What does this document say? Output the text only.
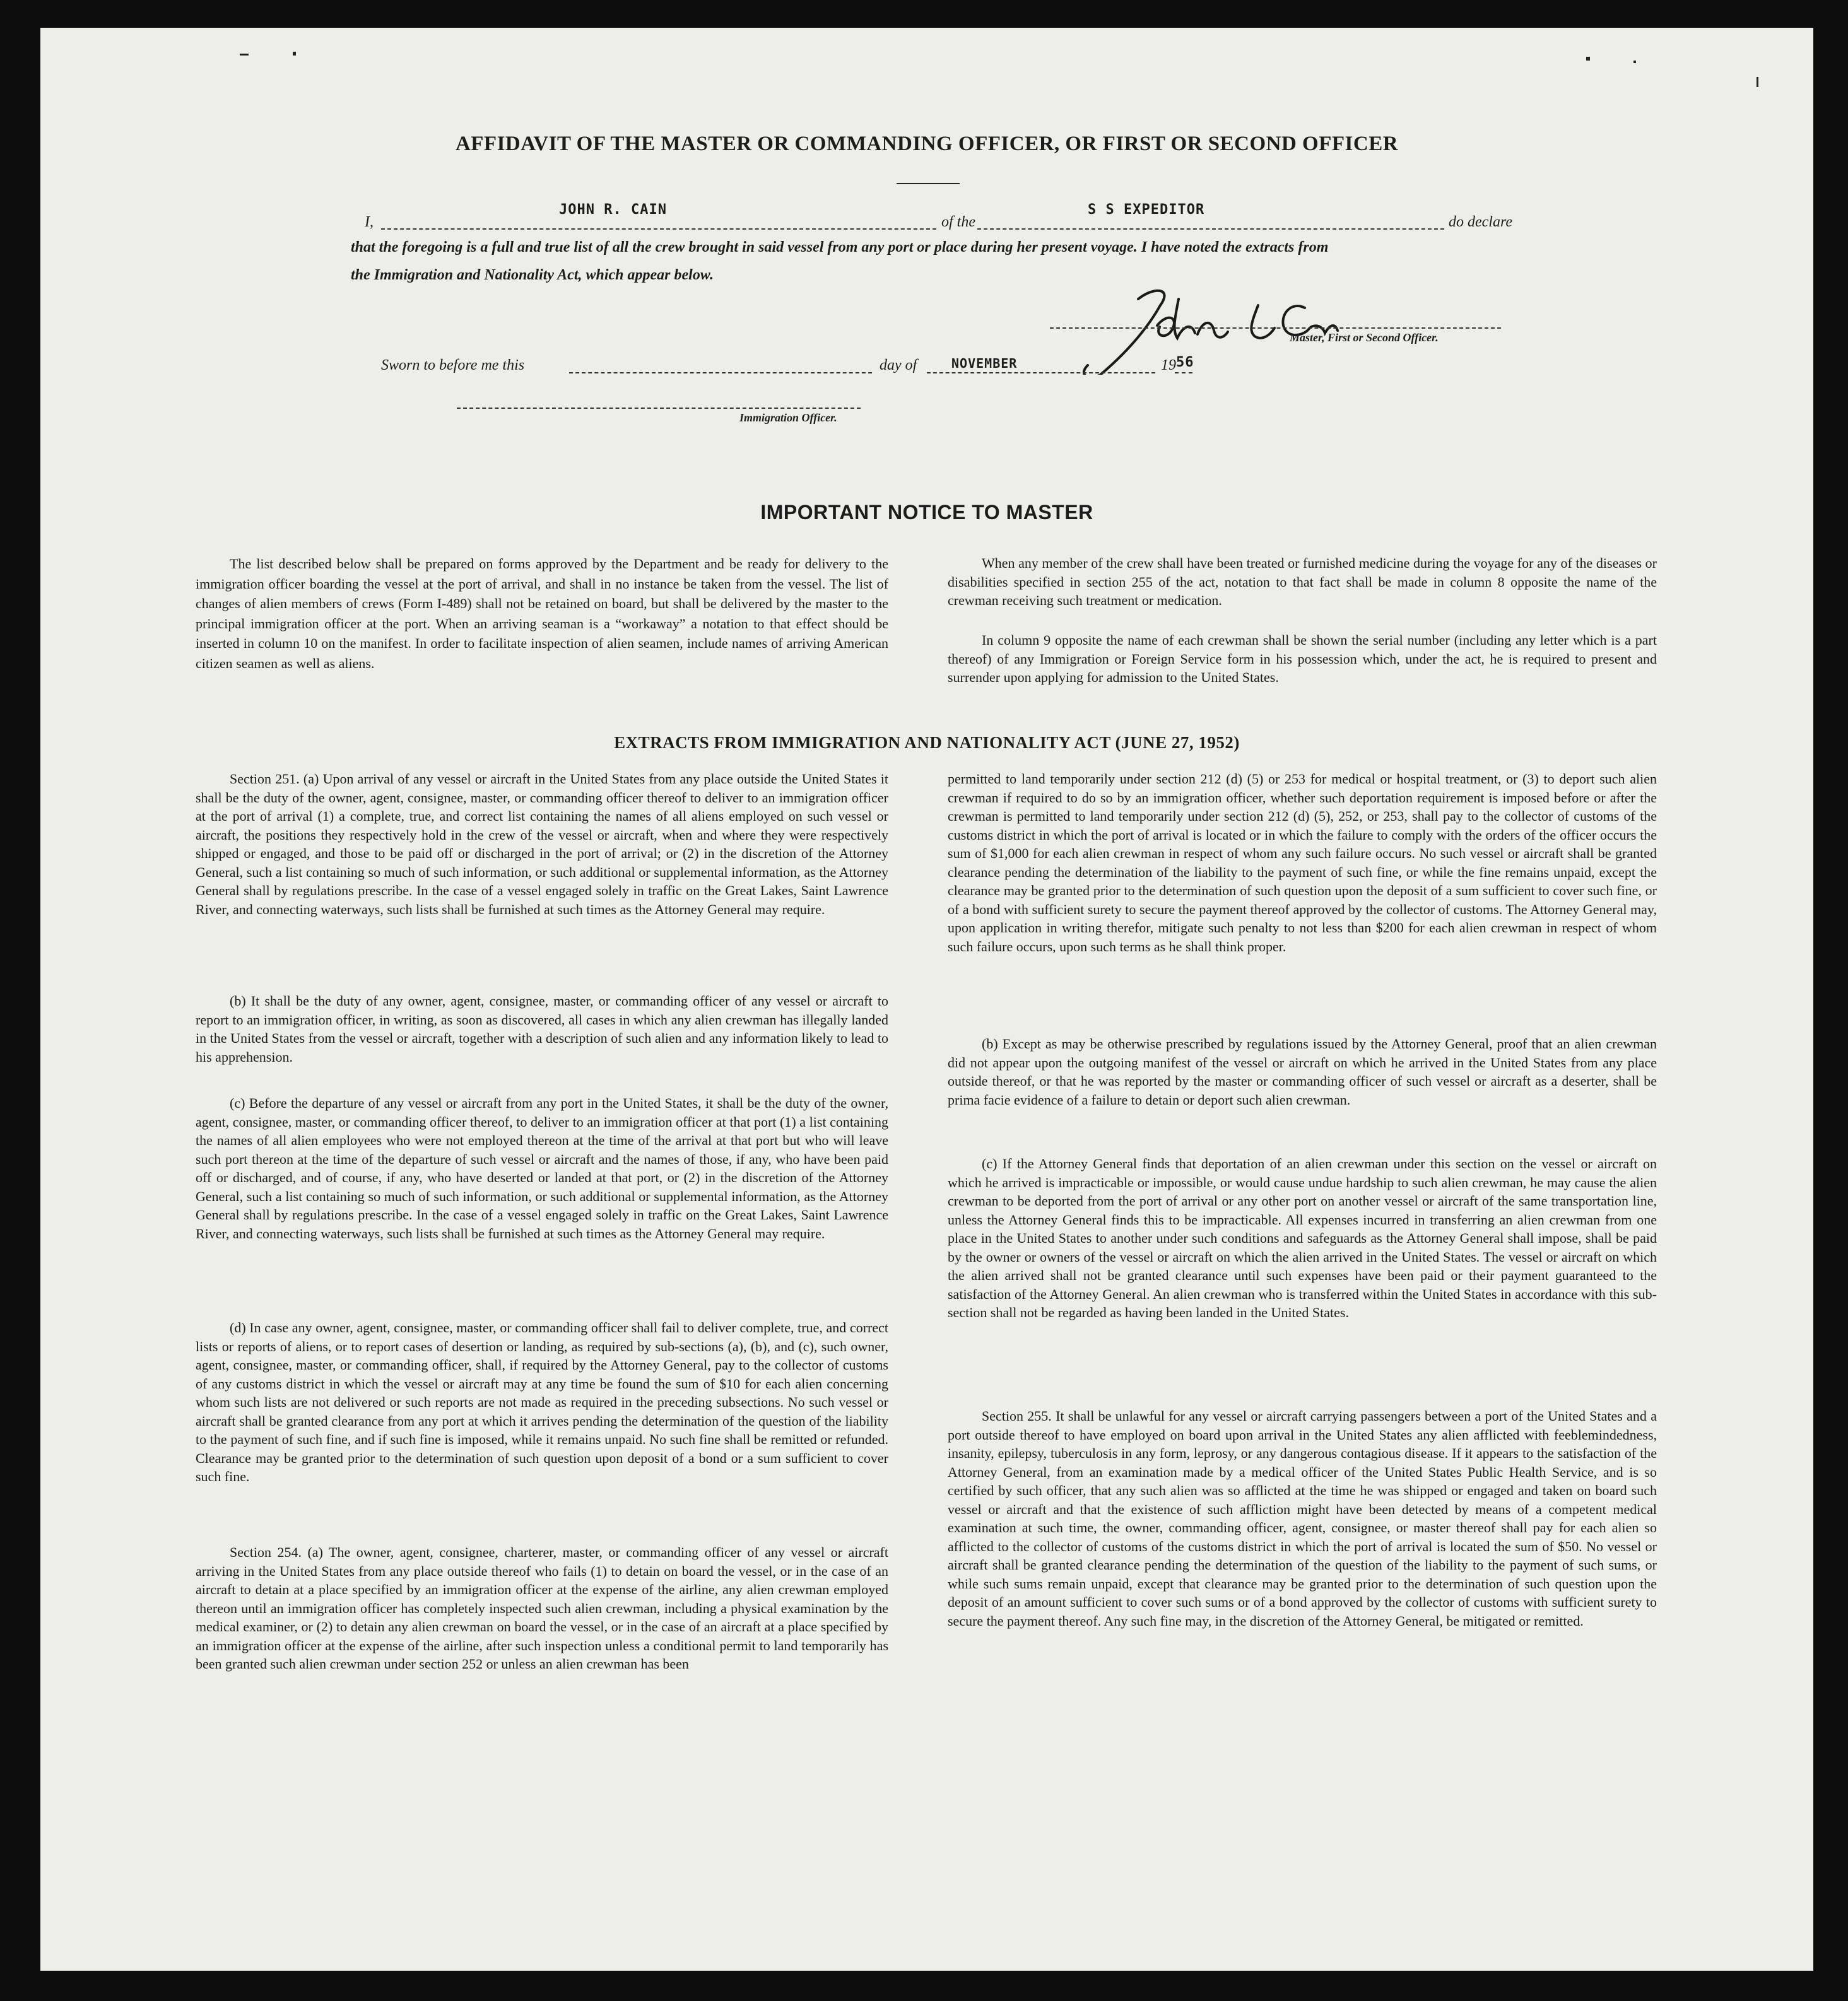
AFFIDAVIT OF THE MASTER OR COMMANDING OFFICER, OR FIRST OR SECOND OFFICER
I,
JOHN R. CAIN
of the
S S EXPEDITOR
do declare
that the foregoing is a full and true list of all the crew brought in said vessel from any port or place during her present voyage. I have noted the extracts from
the Immigration and Nationality Act, which appear below.
Master, First or Second Officer.
Sworn to before me this	day of	NOVEMBER	19 56
Immigration Officer.
IMPORTANT NOTICE TO MASTER

The list described below shall be prepared on forms approved by the Department and be ready for delivery to the immigration officer boarding the vessel at the port of arrival, and shall in no instance be taken from the vessel. The list of changes of alien members of crews (Form I-489) shall not be retained on board, but shall be delivered by the master to the principal immigration officer at the port. When an arriving seaman is a “workaway” a notation to that effect should be inserted in column 10 on the manifest. In order to facilitate inspection of alien seamen, include names of arriving American citizen seamen as well as aliens.

When any member of the crew shall have been treated or furnished medicine during the voyage for any of the diseases or disabilities specified in section 255 of the act, notation to that fact shall be made in column 8 opposite the name of the crewman receiving such treatment or medication.

In column 9 opposite the name of each crewman shall be shown the serial number (including any letter which is a part thereof) of any Immigration or Foreign Service form in his possession which, under the act, he is required to present and surrender upon applying for admission to the United States.

EXTRACTS FROM IMMIGRATION AND NATIONALITY ACT (JUNE 27, 1952)

Section 251. (a) Upon arrival of any vessel or aircraft in the United States from any place outside the United States it shall be the duty of the owner, agent, consignee, master, or commanding officer thereof to deliver to an immigration officer at the port of arrival (1) a complete, true, and correct list containing the names of all aliens employed on such vessel or aircraft, the positions they respectively hold in the crew of the vessel or aircraft, when and where they were respectively shipped or engaged, and those to be paid off or discharged in the port of arrival; or (2) in the discretion of the Attorney General, such a list containing so much of such information, or such additional or supplemental information, as the Attorney General shall by regulations prescribe. In the case of a vessel engaged solely in traffic on the Great Lakes, Saint Lawrence River, and connecting waterways, such lists shall be furnished at such times as the Attorney General may require.

(b) It shall be the duty of any owner, agent, consignee, master, or commanding officer of any vessel or aircraft to report to an immigration officer, in writing, as soon as discovered, all cases in which any alien crewman has illegally landed in the United States from the vessel or aircraft, together with a description of such alien and any information likely to lead to his apprehension.

(c) Before the departure of any vessel or aircraft from any port in the United States, it shall be the duty of the owner, agent, consignee, master, or commanding officer thereof, to deliver to an immigration officer at that port (1) a list containing the names of all alien employees who were not employed thereon at the time of the arrival at that port but who will leave such port thereon at the time of the departure of such vessel or aircraft and the names of those, if any, who have been paid off or discharged, and of course, if any, who have deserted or landed at that port, or (2) in the discretion of the Attorney General, such a list containing so much of such information, or such additional or supplemental information, as the Attorney General shall by regulations prescribe. In the case of a vessel engaged solely in traffic on the Great Lakes, Saint Lawrence River, and connecting waterways, such lists shall be furnished at such times as the Attorney General may require.

(d) In case any owner, agent, consignee, master, or commanding officer shall fail to deliver complete, true, and correct lists or reports of aliens, or to report cases of desertion or landing, as required by sub-sections (a), (b), and (c), such owner, agent, consignee, master, or commanding officer, shall, if required by the Attorney General, pay to the collector of customs of any customs district in which the vessel or aircraft may at any time be found the sum of $10 for each alien concerning whom such lists are not delivered or such reports are not made as required in the preceding subsections. No such vessel or aircraft shall be granted clearance from any port at which it arrives pending the determination of the question of the liability to the payment of such fine, and if such fine is imposed, while it remains unpaid. No such fine shall be remitted or refunded. Clearance may be granted prior to the determination of such question upon deposit of a bond or a sum sufficient to cover such fine.

Section 254. (a) The owner, agent, consignee, charterer, master, or commanding officer of any vessel or aircraft arriving in the United States from any place outside thereof who fails (1) to detain on board the vessel, or in the case of an aircraft to detain at a place specified by an immigration officer at the expense of the airline, any alien crewman employed thereon until an immigration officer has completely inspected such alien crewman, including a physical examination by the medical examiner, or (2) to detain any alien crewman on board the vessel, or in the case of an aircraft at a place specified by an immigration officer at the expense of the airline, after such inspection unless a conditional permit to land temporarily has been granted such alien crewman under section 252 or unless an alien crewman has been

permitted to land temporarily under section 212 (d) (5) or 253 for medical or hospital treatment, or (3) to deport such alien crewman if required to do so by an immigration officer, whether such deportation requirement is imposed before or after the crewman is permitted to land temporarily under section 212 (d) (5), 252, or 253, shall pay to the collector of customs of the customs district in which the port of arrival is located or in which the failure to comply with the orders of the officer occurs the sum of $1,000 for each alien crewman in respect of whom any such failure occurs. No such vessel or aircraft shall be granted clearance pending the determination of the liability to the payment of such fine, or while the fine remains unpaid, except the clearance may be granted prior to the determination of such question upon the deposit of a sum sufficient to cover such fine, or of a bond with sufficient surety to secure the payment thereof approved by the collector of customs. The Attorney General may, upon application in writing therefor, mitigate such penalty to not less than $200 for each alien crewman in respect of whom such failure occurs, upon such terms as he shall think proper.

(b) Except as may be otherwise prescribed by regulations issued by the Attorney General, proof that an alien crewman did not appear upon the outgoing manifest of the vessel or aircraft on which he arrived in the United States from any place outside thereof, or that he was reported by the master or commanding officer of such vessel or aircraft as a deserter, shall be prima facie evidence of a failure to detain or deport such alien crewman.

(c) If the Attorney General finds that deportation of an alien crewman under this section on the vessel or aircraft on which he arrived is impracticable or impossible, or would cause undue hardship to such alien crewman, he may cause the alien crewman to be deported from the port of arrival or any other port on another vessel or aircraft of the same transportation line, unless the Attorney General finds this to be impracticable. All expenses incurred in transferring an alien crewman from one place in the United States to another under such conditions and safeguards as the Attorney General shall impose, shall be paid by the owner or owners of the vessel or aircraft on which the alien arrived in the United States. The vessel or aircraft on which the alien arrived shall not be granted clearance until such expenses have been paid or their payment guaranteed to the satisfaction of the Attorney General. An alien crewman who is transferred within the United States in accordance with this sub-section shall not be regarded as having been landed in the United States.

Section 255. It shall be unlawful for any vessel or aircraft carrying passengers between a port of the United States and a port outside thereof to have employed on board upon arrival in the United States any alien afflicted with feeblemindedness, insanity, epilepsy, tuberculosis in any form, leprosy, or any dangerous contagious disease. If it appears to the satisfaction of the Attorney General, from an examination made by a medical officer of the United States Public Health Service, and is so certified by such officer, that any such alien was so afflicted at the time he was shipped or engaged and taken on board such vessel or aircraft and that the existence of such affliction might have been detected by means of a competent medical examination at such time, the owner, commanding officer, agent, consignee, or master thereof shall pay for each alien so afflicted to the collector of customs of the customs district in which the port of arrival is located the sum of $50. No vessel or aircraft shall be granted clearance pending the determination of the question of the liability to the payment of such sums, or while such sums remain unpaid, except that clearance may be granted prior to the determination of such question upon the deposit of an amount sufficient to cover such sums or of a bond approved by the collector of customs with sufficient surety to secure the payment thereof. Any such fine may, in the discretion of the Attorney General, be mitigated or remitted.
